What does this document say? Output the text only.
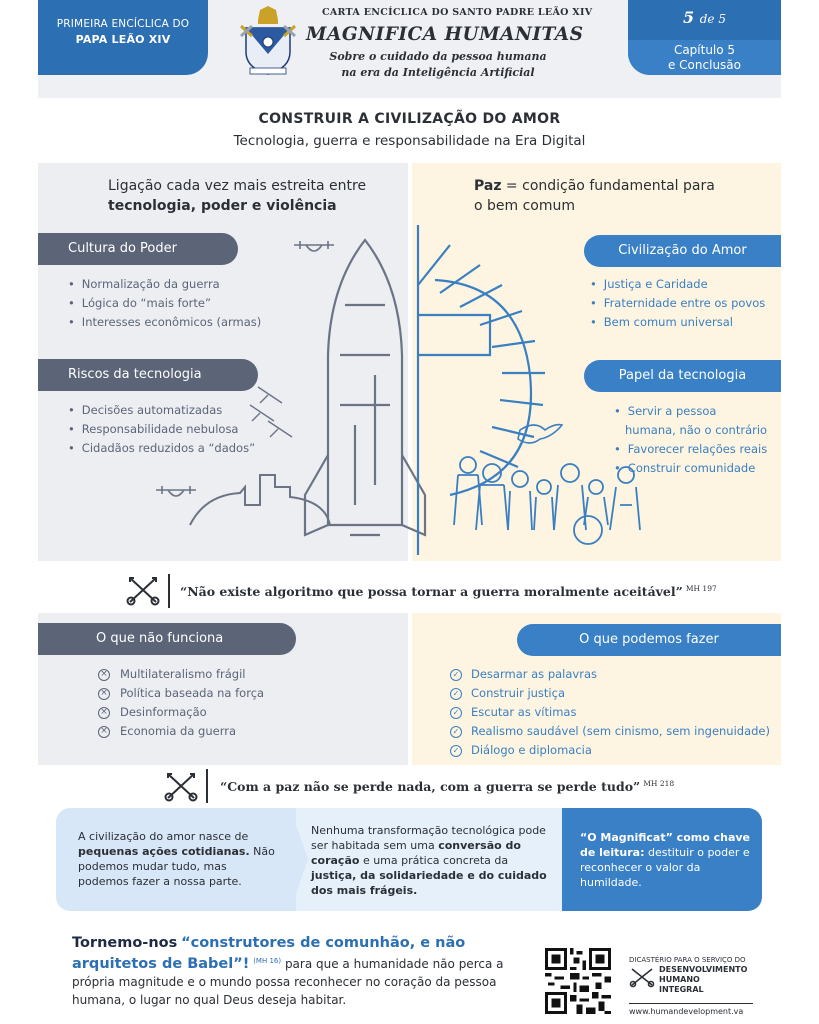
PRIMEIRA ENCÍCLICA DO
PAPA LEÃO XIV
CARTA ENCÍCLICA DO SANTO PADRE LEÃO XIV
MAGNIFICA HUMANITAS
Sobre o cuidado da pessoa humana
na era da Inteligência Artificial
5 de 5
Capítulo 5
e Conclusão
CONSTRUIR A CIVILIZAÇÃO DO AMOR
Tecnologia, guerra e responsabilidade na Era Digital
Ligação cada vez mais estreita entre
tecnologia, poder e violência
Paz = condição fundamental para
o bem comum
Cultura do Poder
• Normalização da guerra
• Lógica do “mais forte”
• Interesses econômicos (armas)
Riscos da tecnologia
• Decisões automatizadas
• Responsabilidade nebulosa
• Cidadãos reduzidos a “dados”
Civilização do Amor
• Justiça e Caridade
• Fraternidade entre os povos
• Bem comum universal
Papel da tecnologia
• Servir a pessoa
humana, não o contrário
• Favorecer relações reais
• Construir comunidade
“Não existe algoritmo que possa tornar a guerra moralmente aceitável” $^{MH 197}$
O que não funciona
× Multilateralismo frágil
× Política baseada na força
× Desinformação
× Economia da guerra
O que podemos fazer
✓ Desarmar as palavras
✓ Construir justiça
✓ Escutar as vítimas
✓ Realismo saudável (sem cinismo, sem ingenuidade)
✓ Diálogo e diplomacia
“Com a paz não se perde nada, com a guerra se perde tudo” $^{MH 218}$
A civilização do amor nasce de pequenas ações cotidianas. Não podemos mudar tudo, mas podemos fazer a nossa parte.
Nenhuma transformação tecnológica pode ser habitada sem uma conversão do coração e uma prática concreta da justiça, da solidariedade e do cuidado dos mais frágeis.
“O Magnificat” como chave de leitura: destituir o poder e reconhecer o valor da humildade.
Tornemo-nos “construtores de comunhão, e não arquitetos de Babel”! $^{(MH 16)}$ para que a humanidade não perca a própria magnitude e o mundo possa reconhecer no coração da pessoa humana, o lugar no qual Deus deseja habitar.
DICASTÉRIO PARA O SERVIÇO DO
DESENVOLVIMENTO
HUMANO
INTEGRAL
www.humandevelopment.va
